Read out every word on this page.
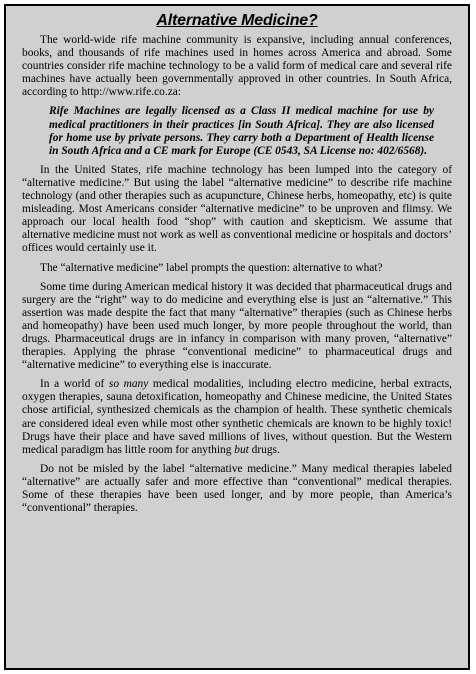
Alternative Medicine?

The world-wide rife machine community is expansive, including annual conferences, books, and thousands of rife machines used in homes across America and abroad. Some countries consider rife machine technology to be a valid form of medical care and several rife machines have actually been governmentally approved in other countries. In South Africa, according to http://www.rife.co.za:

Rife Machines are legally licensed as a Class II medical machine for use by medical practitioners in their practices [in South Africa]. They are also licensed for home use by private persons. They carry both a Department of Health license in South Africa and a CE mark for Europe (CE 0543, SA License no: 402/6568).

In the United States, rife machine technology has been lumped into the category of “alternative medicine.” But using the label “alternative medicine” to describe rife machine technology (and other therapies such as acupuncture, Chinese herbs, homeopathy, etc) is quite misleading. Most Americans consider “alternative medicine” to be unproven and flimsy. We approach our local health food “shop” with caution and skepticism. We assume that alternative medicine must not work as well as conventional medicine or hospitals and doctors’ offices would certainly use it.

The “alternative medicine” label prompts the question: alternative to what?

Some time during American medical history it was decided that pharmaceutical drugs and surgery are the “right” way to do medicine and everything else is just an “alternative.” This assertion was made despite the fact that many “alternative” therapies (such as Chinese herbs and homeopathy) have been used much longer, by more people throughout the world, than drugs. Pharmaceutical drugs are in infancy in comparison with many proven, “alternative” therapies. Applying the phrase “conventional medicine” to pharmaceutical drugs and “alternative medicine” to everything else is inaccurate.

In a world of so many medical modalities, including electro medicine, herbal extracts, oxygen therapies, sauna detoxification, homeopathy and Chinese medicine, the United States chose artificial, synthesized chemicals as the champion of health. These synthetic chemicals are considered ideal even while most other synthetic chemicals are known to be highly toxic! Drugs have their place and have saved millions of lives, without question. But the Western medical paradigm has little room for anything but drugs.

Do not be misled by the label “alternative medicine.” Many medical therapies labeled “alternative” are actually safer and more effective than “conventional” medical therapies. Some of these therapies have been used longer, and by more people, than America’s “conventional” therapies.
